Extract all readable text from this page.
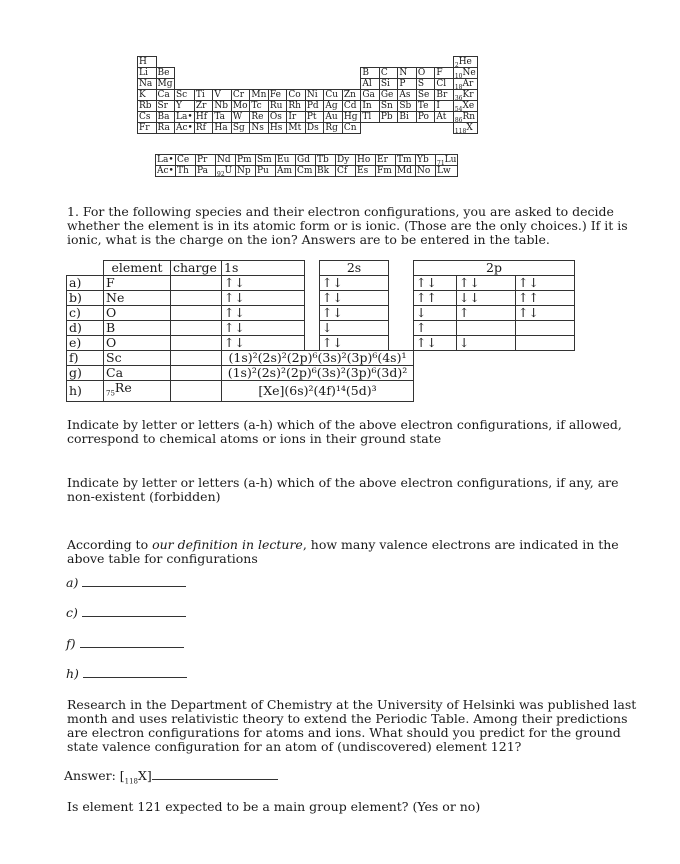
H																	$_2$He
Li	Be											B	C	N	O	F	$_{10}$Ne
Na	Mg											Al	Si	P	S	Cl	$_{18}$Ar
K	Ca	Sc	Ti	V	Cr	Mn	Fe	Co	Ni	Cu	Zn	Ga	Ge	As	Se	Br	$_{36}$Kr
Rb	Sr	Y	Zr	Nb	Mo	Tc	Ru	Rh	Pd	Ag	Cd	In	Sn	Sb	Te	I	$_{54}$Xe
Cs	Ba	La•	Hf	Ta	W	Re	Os	Ir	Pt	Au	Hg	Tl	Pb	Bi	Po	At	$_{86}$Rn
Fr	Ra	Ac•	Rf	Ha	Sg	Ns	Hs	Mt	Ds	Rg	Cn						$_{118}$X
La•	Ce	Pr	Nd	Pm	Sm	Eu	Gd	Tb	Dy	Ho	Er	Tm	Yb	$_{71}$Lu
Ac•	Th	Pa	$_{92}$U	Np	Pu	Am	Cm	Bk	Cf	Es	Fm	Md	No	Lw
1. For the following species and their electron configurations, you are asked to decide whether the element is in its atomic form or is ionic. (Those are the only choices.) If it is ionic, what is the charge on the ion? Answers are to be entered in the table.
	element	charge	1s		2s		2p		
a)	F		↑↓		↑↓		↑↓	↑↓	↑↓
b)	Ne		↑↓		↑↓		↑↑	↓↓	↑↑
c)	O		↑↓		↑↓		↓	↑	↑↓
d)	B		↑↓		↓		↑		
e)	O		↑↓		↑↓		↑↓	↓	
f)	Sc		(1s)²(2s)²(2p)⁶(3s)²(3p)⁶(4s)¹						
g)	Ca		(1s)²(2s)²(2p)⁶(3s)²(3p)⁶(3d)²						
h)	$_{75}$Re		[Xe](6s)²(4f)¹⁴(5d)³						
Indicate by letter or letters (a-h) which of the above electron configurations, if allowed, correspond to chemical atoms or ions in their ground state
Indicate by letter or letters (a-h) which of the above electron configurations, if any, are non-existent (forbidden)
According to our definition in lecture, how many valence electrons are indicated in the above table for configurations
a)
c)
f)
h)
Research in the Department of Chemistry at the University of Helsinki was published last month and uses relativistic theory to extend the Periodic Table. Among their predictions are electron configurations for atoms and ions. What should you predict for the ground state valence configuration for an atom of (undiscovered) element 121?
Answer: $[_{118}X]$
Is element 121 expected to be a main group element? (Yes or no)
